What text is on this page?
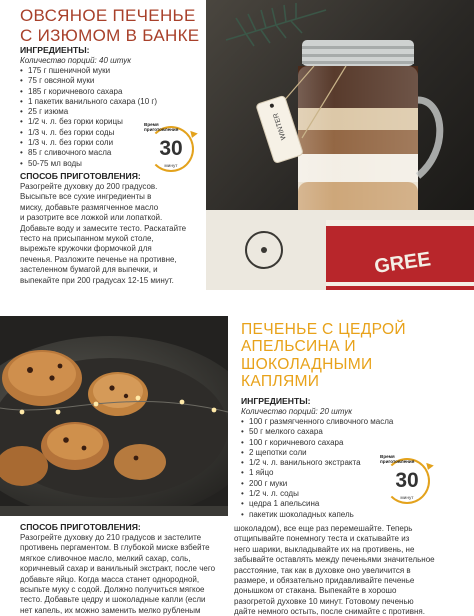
ОВСЯНОЕ ПЕЧЕНЬЕ
С ИЗЮМОМ В БАНКЕ
ИНГРЕДИЕНТЫ:
Количество порций: 40 штук
• 175 г пшеничной муки
• 75 г овсяной муки
• 185 г коричневого сахара
• 1 пакетик ванильного сахара (10 г)
• 25 г изюма
• 1/2 ч. л. без горки корицы
• 1/3 ч. л. без горки соды
• 1/3 ч. л. без горки соли
• 85 г сливочного масла
• 50-75 мл воды
Время приготовления
30
минут
СПОСОБ ПРИГОТОВЛЕНИЯ:

Разогрейте духовку до 200 градусов.

Высыпьте все сухие ингредиенты в

миску, добавьте размягченное масло

и разотрите все ложкой или лопаткой.

Добавьте воду и замесите тесто. Раскатайте

тесто на присыпанном мукой столе,

вырежьте кружочки формочкой для

печенья. Разложите печенье на противне,

застеленном бумагой для выпечки, и

выпекайте при 200 градусах 12-15 минут.

WINTER
GREE
ПЕЧЕНЬЕ С ЦЕДРОЙ
АПЕЛЬСИНА И
ШОКОЛАДНЫМИ
КАПЛЯМИ
ИНГРЕДИЕНТЫ:
Количество порций: 20 штук
• 100 г размягченного сливочного масла
• 50 г мелкого сахара
• 100 г коричневого сахара
• 2 щепотки соли
• 1/2 ч. л. ванильного экстракта
• 1 яйцо
• 200 г муки
• 1/2 ч. л. соды
• цедра 1 апельсина
• пакетик шоколадных капель
Время приготовления
30
минут
СПОСОБ ПРИГОТОВЛЕНИЯ:

Разогрейте духовку до 210 градусов и застелите

противень пергаментом. В глубокой миске взбейте

мягкое сливочное масло, мелкий сахар, соль,

коричневый сахар и ванильный экстракт, после чего

добавьте яйцо. Когда масса станет однородной,

всыпьте муку с содой. Должно получиться мягкое

тесто. Добавьте цедру и шоколадные капли (если

нет капель, их можно заменить мелко рубленым

шоколадом), все еще раз перемешайте. Теперь

отщипывайте понемногу теста и скатывайте из

него шарики, выкладывайте их на противень, не

забывайте оставлять между печеньями значительное

расстояние, так как в духовке оно увеличится в

размере, и обязательно придавливайте печенье

донышком от стакана. Выпекайте в хорошо

разогретой духовке 10 минут. Готовому печенью

дайте немного остыть, после снимайте с противня.
